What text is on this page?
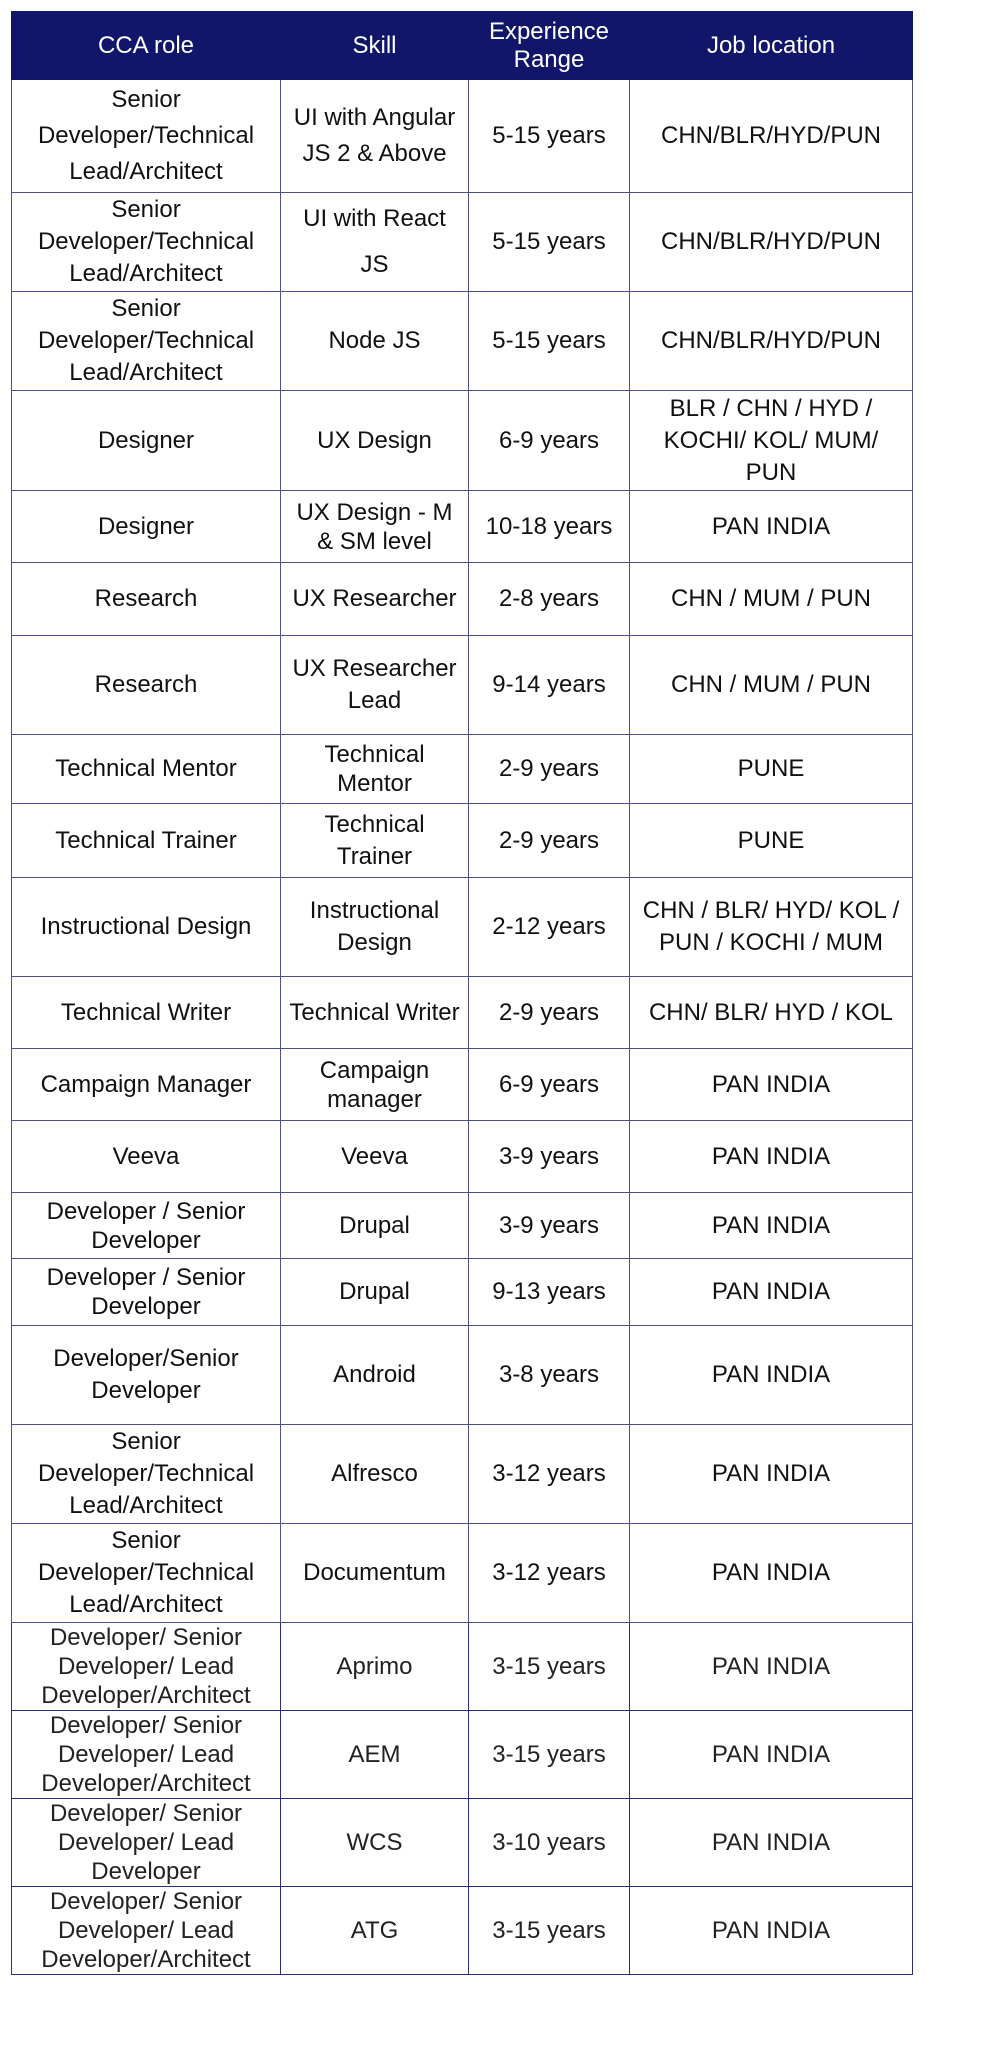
CCA role	Skill	Experience Range	Job location
Senior Developer/Technical Lead/Architect	UI with Angular JS 2 & Above	5-15 years	CHN/BLR/HYD/PUN
Senior Developer/Technical Lead/Architect	UI with React JS	5-15 years	CHN/BLR/HYD/PUN
Senior Developer/Technical Lead/Architect	Node JS	5-15 years	CHN/BLR/HYD/PUN
Designer	UX Design	6-9 years	BLR / CHN / HYD / KOCHI/ KOL/ MUM/ PUN
Designer	UX Design - M & SM level	10-18 years	PAN INDIA
Research	UX Researcher	2-8 years	CHN / MUM / PUN
Research	UX Researcher Lead	9-14 years	CHN / MUM / PUN
Technical Mentor	Technical Mentor	2-9 years	PUNE
Technical Trainer	Technical Trainer	2-9 years	PUNE
Instructional Design	Instructional Design	2-12 years	CHN / BLR/ HYD/ KOL / PUN / KOCHI / MUM
Technical Writer	Technical Writer	2-9 years	CHN/ BLR/ HYD / KOL
Campaign Manager	Campaign manager	6-9 years	PAN INDIA
Veeva	Veeva	3-9 years	PAN INDIA
Developer / Senior Developer	Drupal	3-9 years	PAN INDIA
Developer / Senior Developer	Drupal	9-13 years	PAN INDIA
Developer/Senior Developer	Android	3-8 years	PAN INDIA
Senior Developer/Technical Lead/Architect	Alfresco	3-12 years	PAN INDIA
Senior Developer/Technical Lead/Architect	Documentum	3-12 years	PAN INDIA
Developer/ Senior Developer/ Lead Developer/Architect	Aprimo	3-15 years	PAN INDIA
Developer/ Senior Developer/ Lead Developer/Architect	AEM	3-15 years	PAN INDIA
Developer/ Senior Developer/ Lead Developer	WCS	3-10 years	PAN INDIA
Developer/ Senior Developer/ Lead Developer/Architect	ATG	3-15 years	PAN INDIA
